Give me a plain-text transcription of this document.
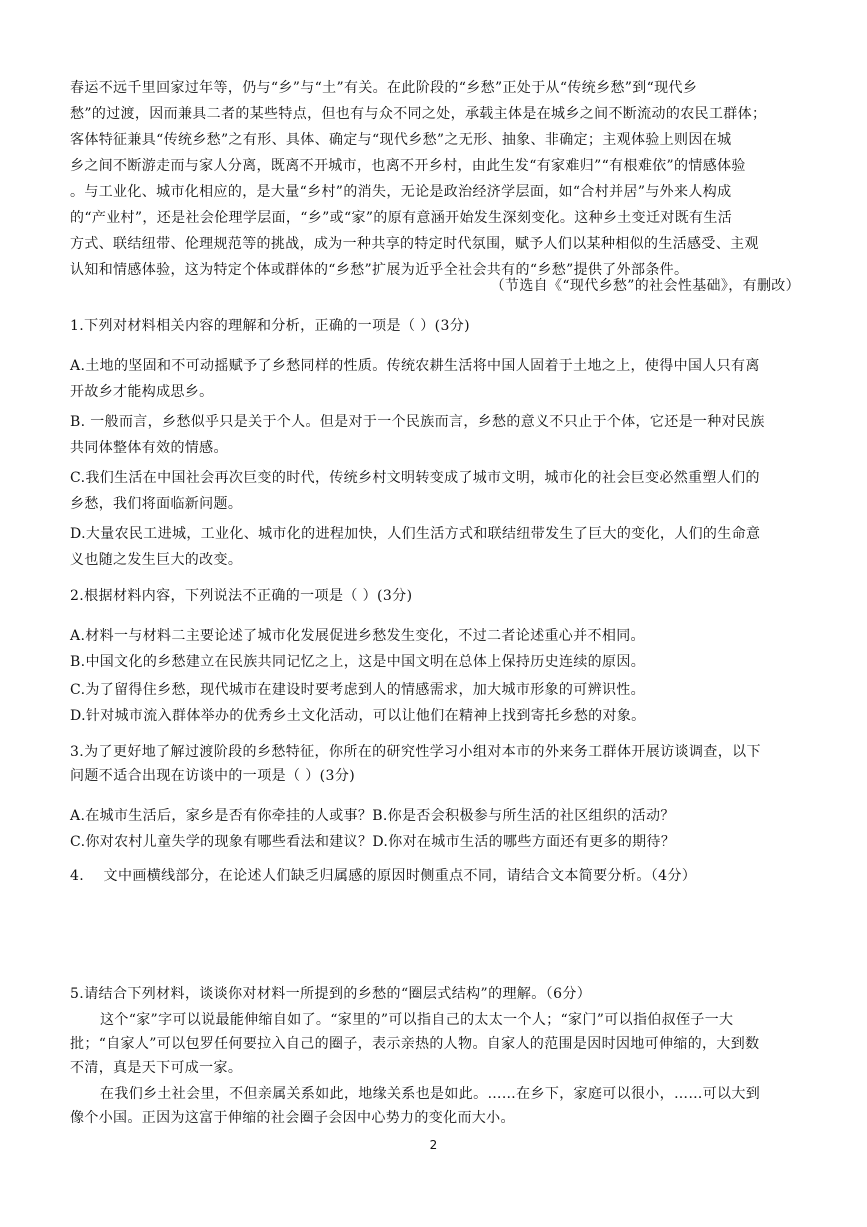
春运不远千里回家过年等，仍与“乡”与“土”有关。在此阶段的“乡愁”正处于从“传统乡愁”到“现代乡
愁”的过渡，因而兼具二者的某些特点，但也有与众不同之处，承载主体是在城乡之间不断流动的农民工群体；
客体特征兼具“传统乡愁”之有形、具体、确定与“现代乡愁”之无形、抽象、非确定；主观体验上则因在城
乡之间不断游走而与家人分离，既离不开城市，也离不开乡村，由此生发“有家难归”“有根难依”的情感体验
。与工业化、城市化相应的，是大量“乡村”的消失，无论是政治经济学层面，如“合村并居”与外来人构成
的“产业村”，还是社会伦理学层面，“乡”或“家”的原有意涵开始发生深刻变化。这种乡土变迁对既有生活
方式、联结纽带、伦理规范等的挑战，成为一种共享的特定时代氛围，赋予人们以某种相似的生活感受、主观
认知和情感体验，这为特定个体或群体的“乡愁”扩展为近乎全社会共有的“乡愁”提供了外部条件。
（节选自《“现代乡愁”的社会性基础》，有删改）
1.下列对材料相关内容的理解和分析，正确的一项是（ ）(3分)
A.土地的坚固和不可动摇赋予了乡愁同样的性质。传统农耕生活将中国人固着于土地之上，使得中国人只有离
开故乡才能构成思乡。
B. 一般而言，乡愁似乎只是关于个人。但是对于一个民族而言，乡愁的意义不只止于个体，它还是一种对民族
共同体整体有效的情感。
C.我们生活在中国社会再次巨变的时代，传统乡村文明转变成了城市文明，城市化的社会巨变必然重塑人们的
乡愁，我们将面临新问题。
D.大量农民工进城，工业化、城市化的进程加快，人们生活方式和联结纽带发生了巨大的变化，人们的生命意
义也随之发生巨大的改变。
2.根据材料内容，下列说法不正确的一项是（ ）(3分)
A.材料一与材料二主要论述了城市化发展促进乡愁发生变化，不过二者论述重心并不相同。
B.中国文化的乡愁建立在民族共同记忆之上，这是中国文明在总体上保持历史连续的原因。
C.为了留得住乡愁，现代城市在建设时要考虑到人的情感需求，加大城市形象的可辨识性。
D.针对城市流入群体举办的优秀乡土文化活动，可以让他们在精神上找到寄托乡愁的对象。
3.为了更好地了解过渡阶段的乡愁特征，你所在的研究性学习小组对本市的外来务工群体开展访谈调查，以下
问题不适合出现在访谈中的一项是（ ）(3分)
A.在城市生活后，家乡是否有你牵挂的人或事？B.你是否会积极参与所生活的社区组织的活动？
C.你对农村儿童失学的现象有哪些看法和建议？D.你对在城市生活的哪些方面还有更多的期待？
4.    文中画横线部分，在论述人们缺乏归属感的原因时侧重点不同，请结合文本简要分析。（4分）
5.请结合下列材料，谈谈你对材料一所提到的乡愁的“圈层式结构”的理解。（6分）
这个“家”字可以说最能伸缩自如了。“家里的”可以指自己的太太一个人；“家门”可以指伯叔侄子一大
批；“自家人”可以包罗任何要拉入自己的圈子，表示亲热的人物。自家人的范围是因时因地可伸缩的，大到数
不清，真是天下可成一家。
在我们乡土社会里，不但亲属关系如此，地缘关系也是如此。……在乡下，家庭可以很小，……可以大到
像个小国。正因为这富于伸缩的社会圈子会因中心势力的变化而大小。
2
